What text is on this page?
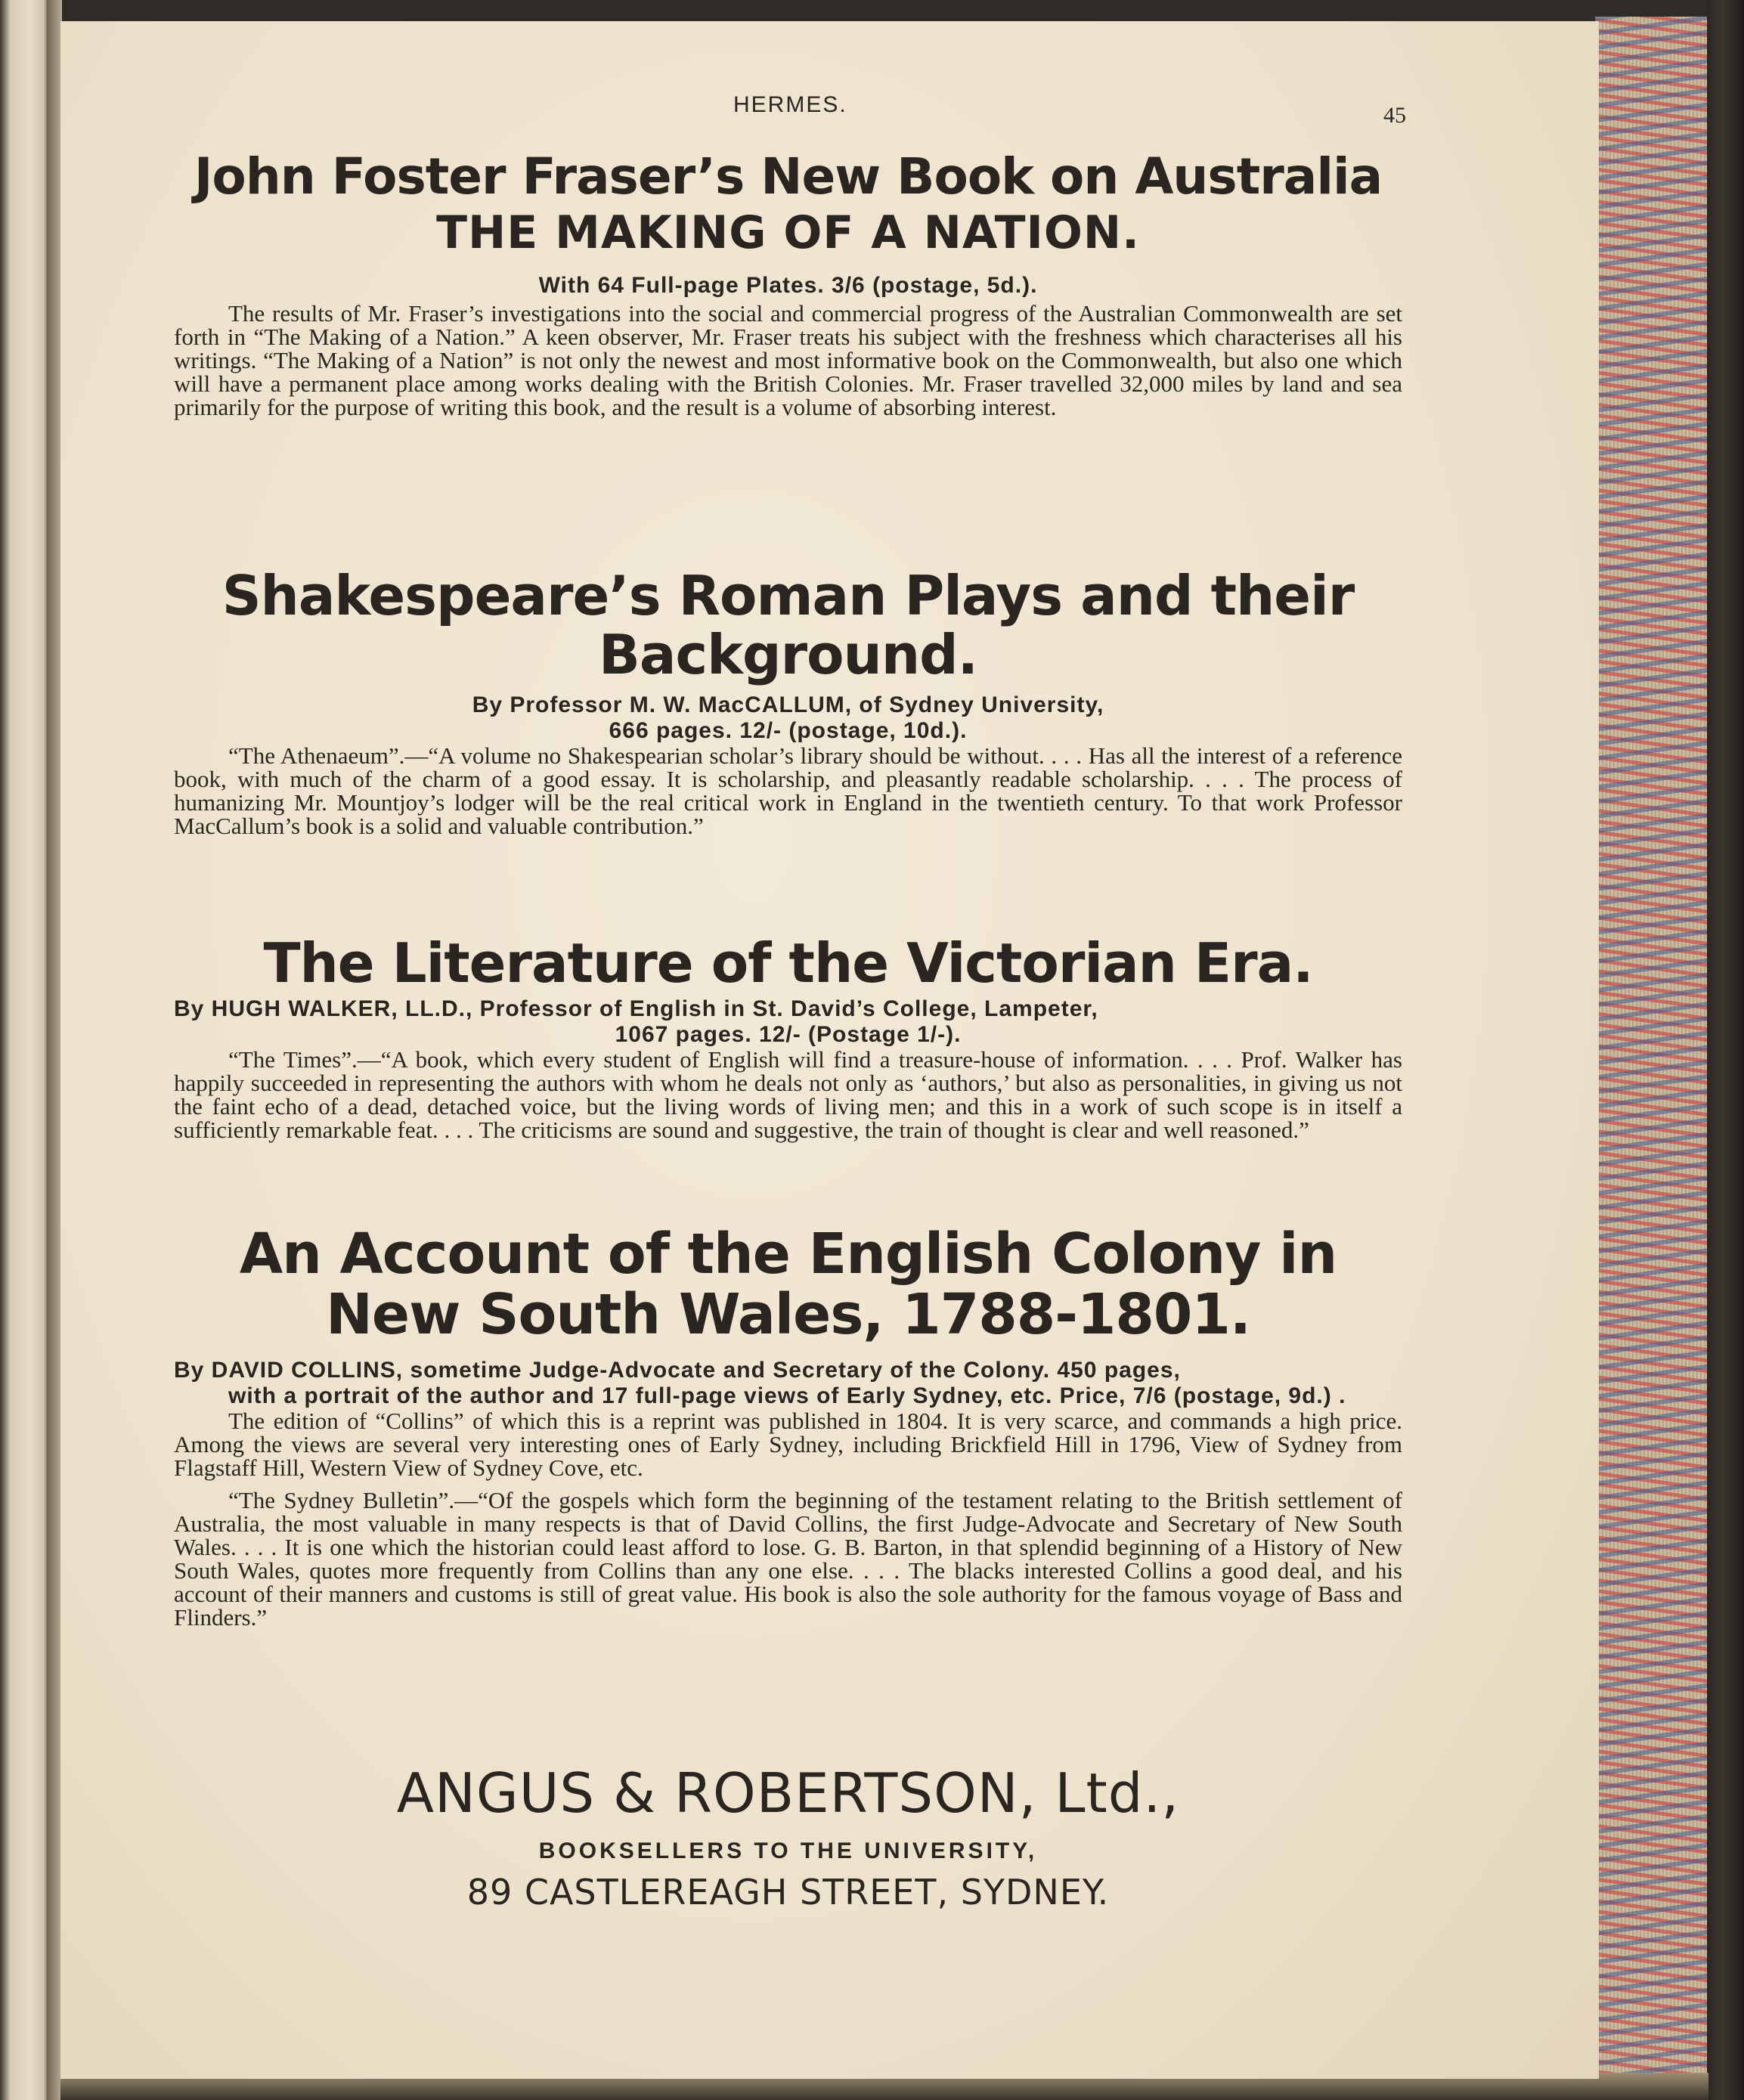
HERMES.	45
John Foster Fraser’s New Book on Australia
THE MAKING OF A NATION.
With 64 Full-page Plates. 3/6 (postage, 5d.).

The results of Mr. Fraser’s investigations into the social and commercial progress of the Australian Commonwealth are set forth in “The Making of a Nation.” A keen observer, Mr. Fraser treats his subject with the freshness which characterises all his writings. “The Making of a Nation” is not only the newest and most informative book on the Commonwealth, but also one which will have a permanent place among works dealing with the British Colonies. Mr. Fraser travelled 32,000 miles by land and sea primarily for the purpose of writing this book, and the result is a volume of absorbing interest.

Shakespeare’s Roman Plays and their Background.
By Professor M. W. MacCALLUM, of Sydney University,
666 pages. 12/- (postage, 10d.).

“The Athenaeum”.—“A volume no Shakespearian scholar’s library should be without. . . . Has all the interest of a reference book, with much of the charm of a good essay. It is scholarship, and pleasantly readable scholarship. . . . The process of humanizing Mr. Mountjoy’s lodger will be the real critical work in England in the twentieth century. To that work Professor MacCallum’s book is a solid and valuable contribution.”

The Literature of the Victorian Era.
By HUGH WALKER, LL.D., Professor of English in St. David’s College, Lampeter,
1067 pages. 12/- (Postage 1/-).

“The Times”.—“A book, which every student of English will find a treasure-house of information. . . . Prof. Walker has happily succeeded in representing the authors with whom he deals not only as ‘authors,’ but also as personalities, in giving us not the faint echo of a dead, detached voice, but the living words of living men; and this in a work of such scope is in itself a sufficiently remarkable feat. . . . The criticisms are sound and suggestive, the train of thought is clear and well reasoned.”

An Account of the English Colony in New South Wales, 1788-1801.
By DAVID COLLINS, sometime Judge-Advocate and Secretary of the Colony. 450 pages,
with a portrait of the author and 17 full-page views of Early Sydney, etc. Price, 7/6 (postage, 9d.) .

The edition of “Collins” of which this is a reprint was published in 1804. It is very scarce, and commands a high price. Among the views are several very interesting ones of Early Sydney, including Brickfield Hill in 1796, View of Sydney from Flagstaff Hill, Western View of Sydney Cove, etc.

“The Sydney Bulletin”.—“Of the gospels which form the beginning of the testament relating to the British settlement of Australia, the most valuable in many respects is that of David Collins, the first Judge-Advocate and Secretary of New South Wales. . . . It is one which the historian could least afford to lose. G. B. Barton, in that splendid beginning of a History of New South Wales, quotes more frequently from Collins than any one else. . . . The blacks interested Collins a good deal, and his account of their manners and customs is still of great value. His book is also the sole authority for the famous voyage of Bass and Flinders.”

ANGUS & ROBERTSON, Ltd.,
BOOKSELLERS TO THE UNIVERSITY,
89 CASTLEREAGH STREET, SYDNEY.
